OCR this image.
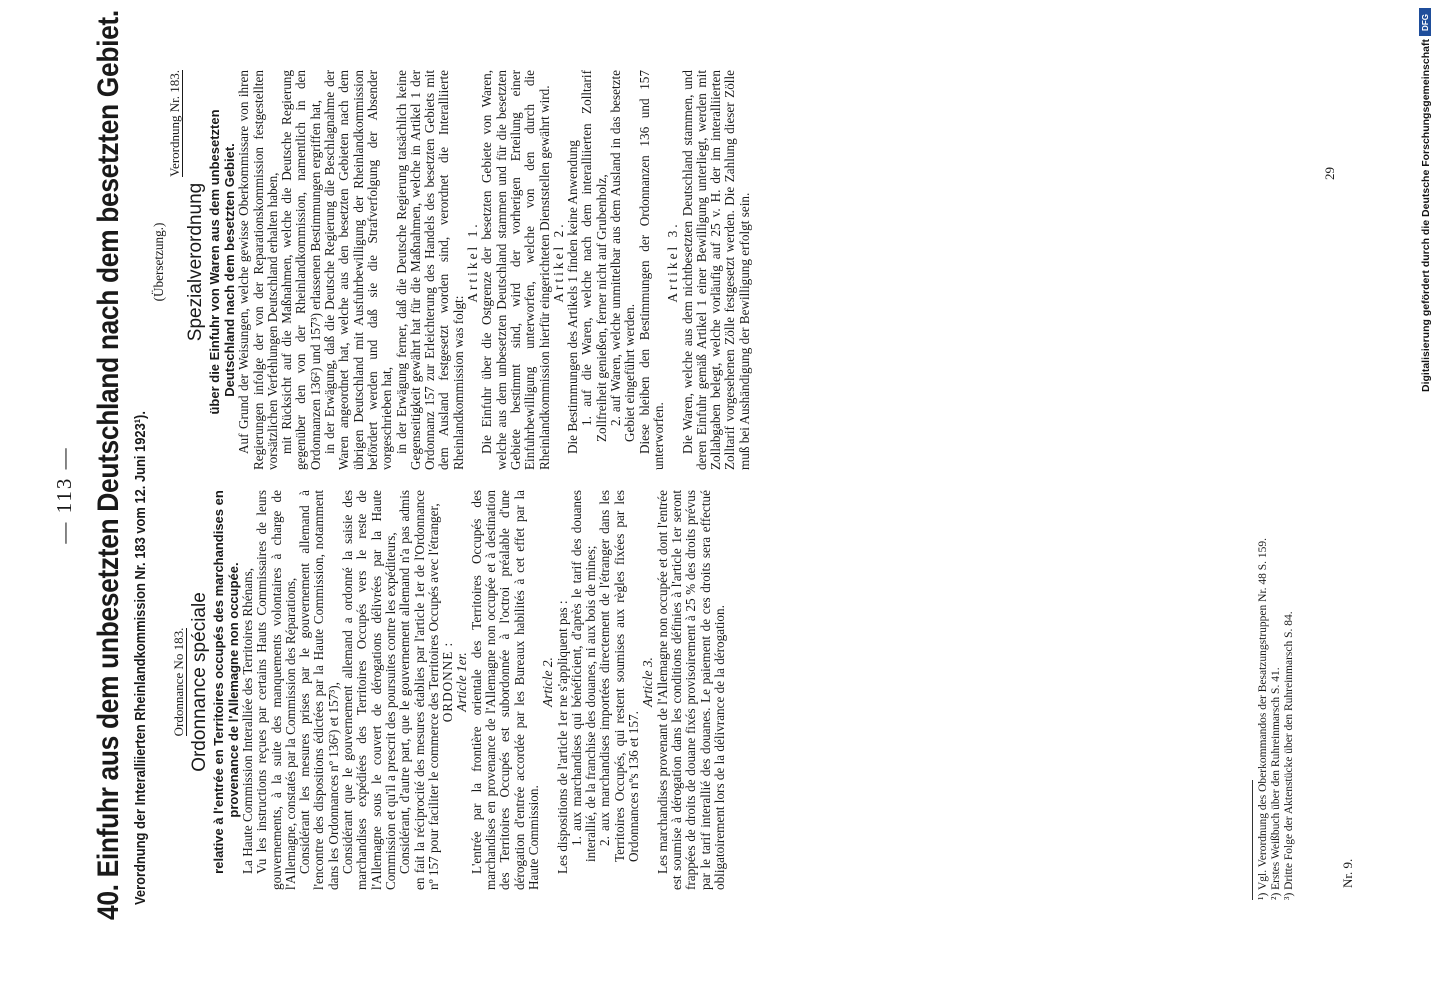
— 113 — 40. Einfuhr aus dem unbesetzten Deutschland nach dem besetzten Gebiet. Verordnung der Interalliierten Rheinlandkommission Nr. 183 vom 12. Juni 1923¹). Ordonnance No 183. Ordonnance spéciale relative à l'entrée en Territoires occupés des marchandises en provenance de l'Allemagne non occupée. La Haute Commission Interalliée des Territoires Rhénans, Vu les instructions reçues par certains Hauts Commissaires de leurs gouvernements, à la suite des manquements volontaires à charge de l'Allemagne, constatés par la Commission des Réparations, Considérant les mesures prises par le gouvernement allemand à l'encontre des dispositions édictées par la Haute Commission, notamment dans les Ordonnances nº 136²) et 157³), Considérant que le gouvernement allemand a ordonné la saisie des marchandises expédiées des Territoires Occupés vers le reste de l'Allemagne sous le couvert de dérogations délivrées par la Haute Commission et qu'il a prescrit des poursuites contre les expéditeurs, Considérant, d'autre part, que le gouvernement allemand n'a pas admis en fait la réciprocité des mesures établies par l'article 1er de l'Ordonnance nº 157 pour faciliter le commerce des Territoires Occupés avec l'étranger, ORDONNE : Article 1er. L'entrée par la frontière orientale des Territoires Occupés des marchandises en provenance de l'Allemagne non occupée et à destination des Territoires Occupés est subordonnée à l'octroi préalable d'une dérogation d'entrée accordée par les Bureaux habilités à cet effet par la Haute Commission.

Article 2. Les dispositions de l'article 1er ne s'appliquent pas : 1. aux marchandises qui bénéficient, d'après le tarif des douanes interallié, de la franchise des douanes, ni aux bois de mines; 2. aux marchandises importées directement de l'étranger dans les Territoires Occupés, qui restent soumises aux règles fixées par les Ordonnances nºs 136 et 157.

Article 3. Les marchandises provenant de l'Allemagne non occupée et dont l'entrée est soumise à dérogation dans les conditions définies à l'article 1er seront frappées de droits de douane fixés provisoirement à 25 % des droits prévus par le tarif interallié des douanes. Le paiement de ces droits sera effectué obligatoirement lors de la délivrance de la dérogation.

(Übersetzung.)

Verordnung Nr. 183.

Spezialverordnung über die Einfuhr von Waren aus dem unbesetzten Deutschland nach dem besetzten Gebiet. Auf Grund der Weisungen, welche gewisse Oberkommissare von ihren Regierungen infolge der von der Reparationskommission festgestellten vorsätzlichen Verfehlungen Deutschland erhalten haben, mit Rücksicht auf die Maßnahmen, welche die Deutsche Regierung gegenüber den von der Rheinlandkommission, namentlich in den Ordonnanzen 136²) und 157³) erlassenen Bestimmungen ergriffen hat, in der Erwägung, daß die Deutsche Regierung die Beschlagnahme der Waren angeordnet hat, welche aus den besetzten Gebieten nach dem übrigen Deutschland mit Ausfuhrbewilligung der Rheinlandkommission befördert werden und daß sie die Strafverfolgung der Absender vorgeschrieben hat, in der Erwägung ferner, daß die Deutsche Regierung tatsächlich keine Gegenseitigkeit gewährt hat für die Maßnahmen, welche in Artikel 1 der Ordonnanz 157 zur Erleichterung des Handels des besetzten Gebiets mit dem Ausland festgesetzt worden sind, verordnet die Interalliierte Rheinlandkommission was folgt:

Artikel 1. Die Einfuhr über die Ostgrenze der besetzten Gebiete von Waren, welche aus dem unbesetzten Deutschland stammen und für die besetzten Gebiete bestimmt sind, wird der vorherigen Erteilung einer Einfuhrbewilligung unterworfen, welche von den durch die Rheinlandkommission hierfür eingerichteten Dienststellen gewährt wird. Artikel 2. Die Bestimmungen des Artikels 1 finden keine Anwendung 1. auf die Waren, welche nach dem interalliierten Zolltarif Zollfreiheit genießen, ferner nicht auf Grubenholz, 2. auf Waren, welche unmittelbar aus dem Ausland in das besetzte Gebiet eingeführt werden. Diese bleiben den Bestimmungen der Ordonnanzen 136 und 157 unterworfen.

Artikel 3. Die Waren, welche aus dem nichtbesetzten Deutschland stammen, und deren Einfuhr gemäß Artikel 1 einer Bewilligung unterliegt, werden mit Zollabgaben belegt, welche vorläufig auf 25 v. H. der im interalliierten Zolltarif vorgesehenen Zölle festgesetzt werden. Die Zahlung dieser Zölle muß bei Aushändigung der Bewilligung erfolgt sein.

¹) Vgl. Verordnung des Oberkommandos der Besatzungstruppen Nr. 48 S. 159. ²) Erstes Weißbuch über den Ruhreinmarsch S. 41. ³) Dritte Folge der Aktenstücke über den Ruhreinmarsch S. 84.	Nr. 9.
29	Digitalisierung gefördert durch die Deutsche Forschungsgemeinschaft
DFG
